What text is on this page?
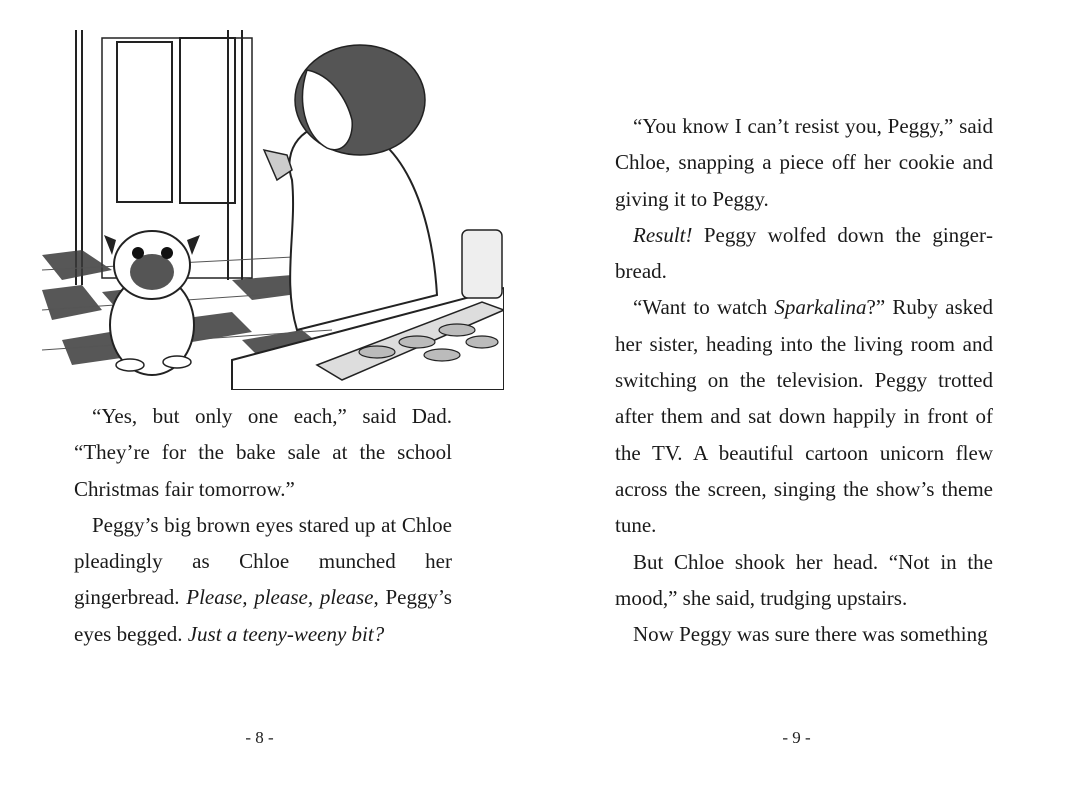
“Yes, but only one each,” said Dad. “They’re for the bake sale at the school Christmas fair tomorrow.”

Peggy’s big brown eyes stared up at Chloe pleadingly as Chloe munched her gingerbread. Please, please, please, Peggy’s eyes begged. Just a teeny-weeny bit?

- 8 -

“You know I can’t resist you, Peggy,” said Chloe, snapping a piece off her cookie and giving it to Peggy.

Result! Peggy wolfed down the gingerbread.

“Want to watch Sparkalina?” Ruby asked her sister, heading into the living room and switching on the television. Peggy trotted after them and sat down happily in front of the TV. A beautiful cartoon unicorn flew across the screen, singing the show’s theme tune.

But Chloe shook her head. “Not in the mood,” she said, trudging upstairs.

Now Peggy was sure there was something

- 9 -
